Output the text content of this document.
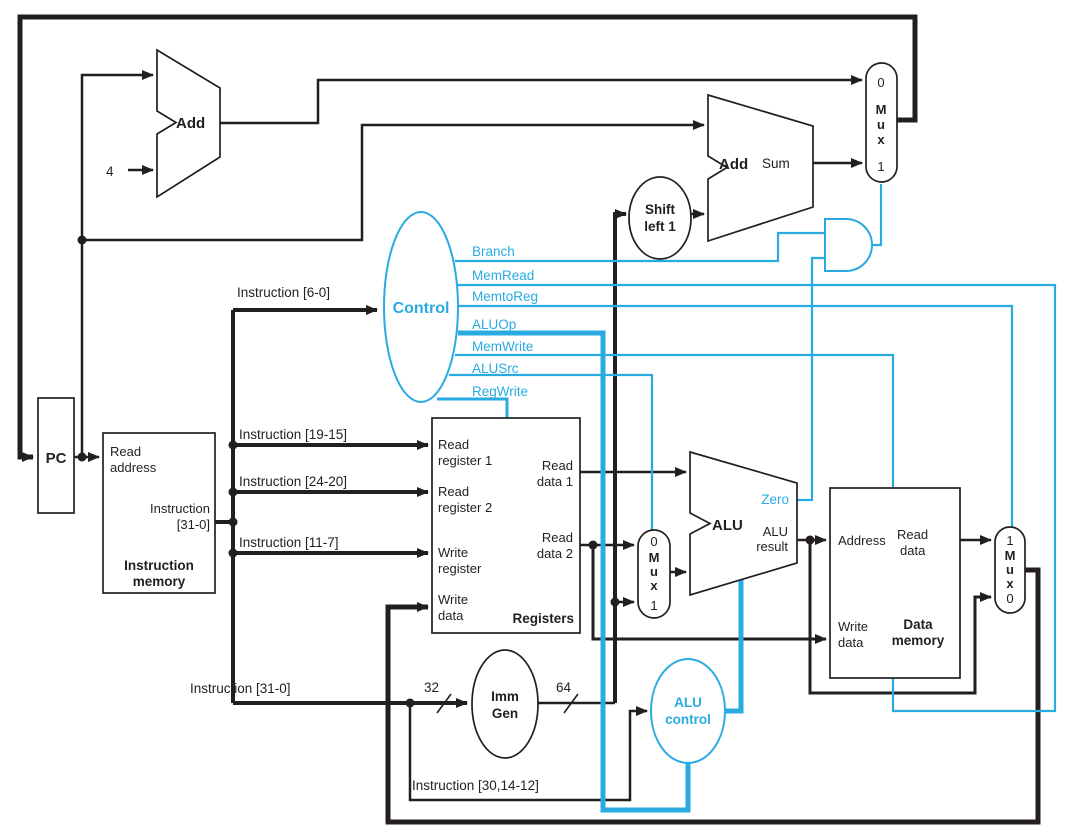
PC
Add
4	Add Sum
Read
address
Instruction
[31-0]
Instruction
memory
Read
register 1
Read
register 2
Write
register
Write
data
Read
data 1
Read
data 2
Registers
Address Read
data
Write
data
Data
memory
ALU ALU
result
Zero
Control
Shift
left 1
Imm
Gen
ALU
control
Branch
MemRead
MemtoReg
ALUOp
MemWrite
ALUSrc
RegWrite
Instruction [6-0]
Instruction [19-15]
Instruction [24-20]
Instruction [11-7]
Instruction [31-0]
Instruction [30,14-12]
32	64
0
M
u
x
1
0
M
u
x
1
1
M
u
x
0
